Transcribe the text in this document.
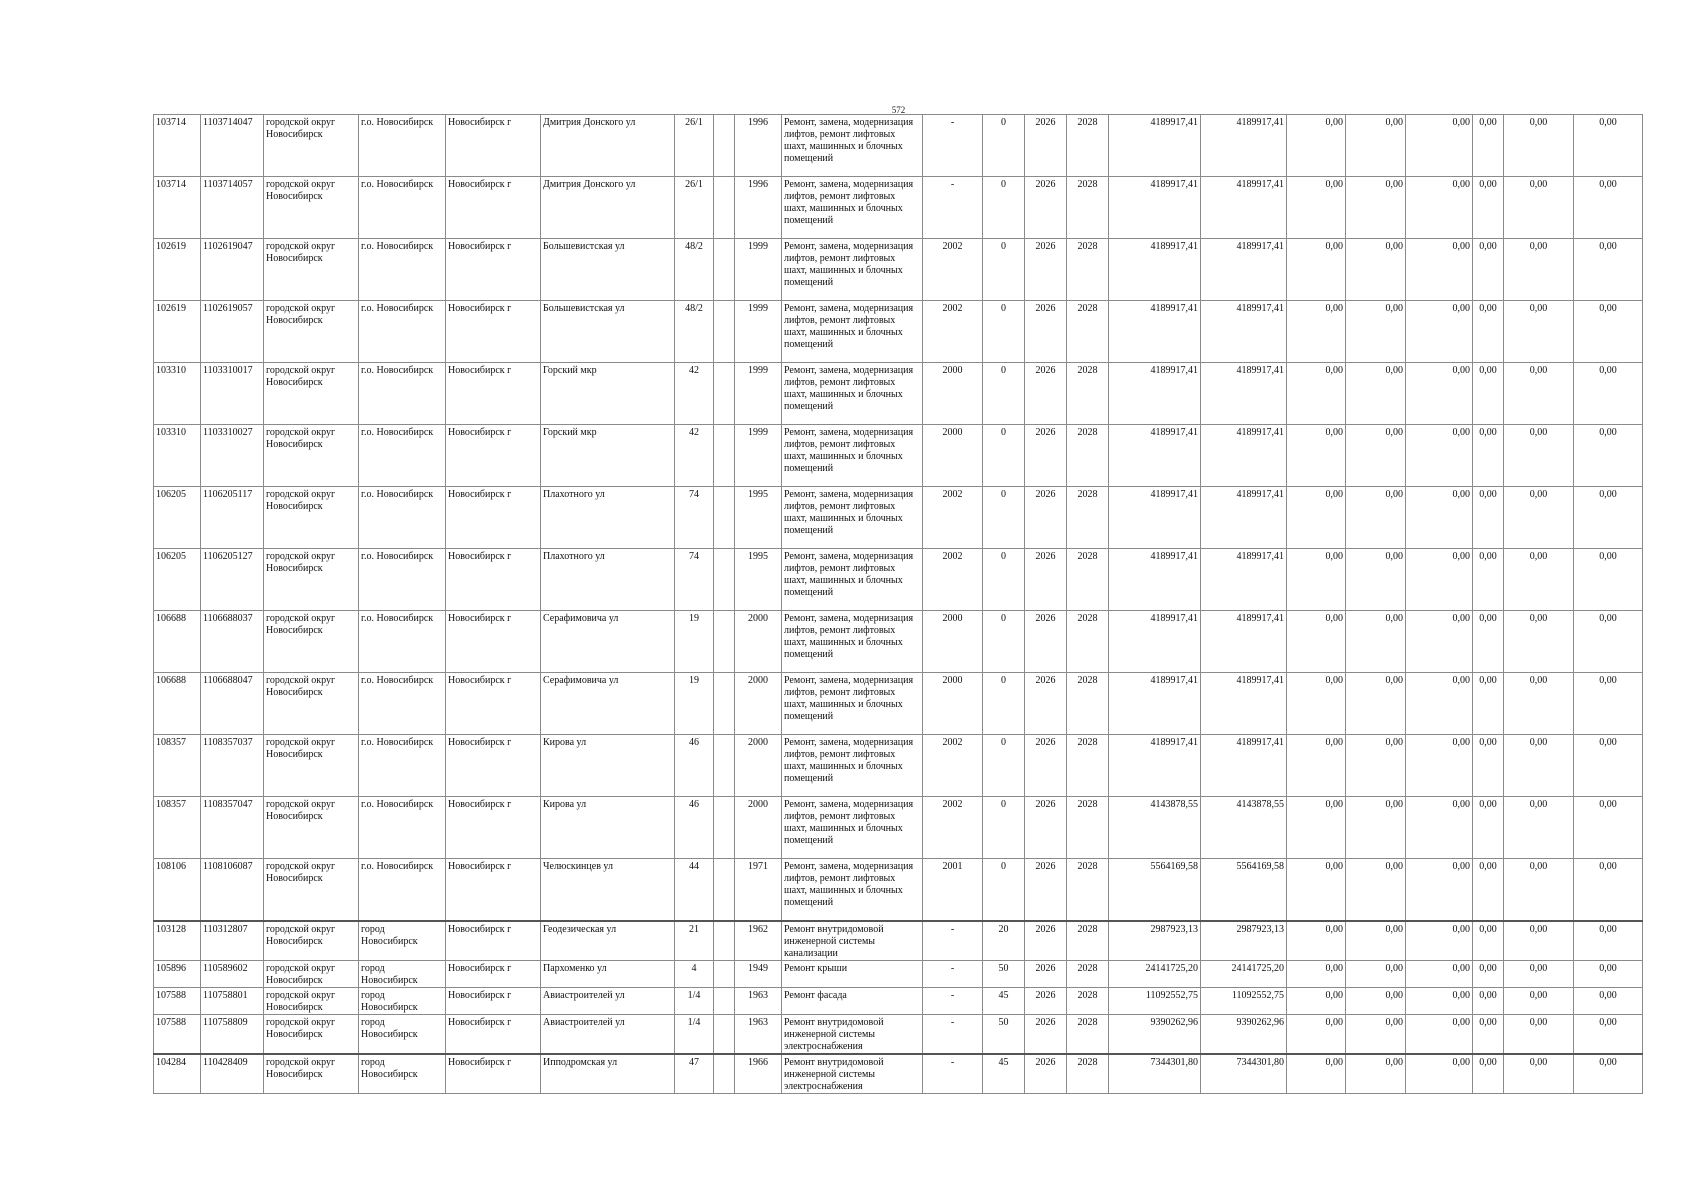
572
103714	1103714047	городской округ Новосибирск	г.о. Новосибирск	Новосибирск г	Дмитрия Донского ул	26/1		1996	Ремонт, замена, модернизация лифтов, ремонт лифтовых шахт, машинных и блочных помещений	-	0	2026	2028	4189917,41	4189917,41	0,00	0,00	0,00	0,00	0,00	0,00
103714	1103714057	городской округ Новосибирск	г.о. Новосибирск	Новосибирск г	Дмитрия Донского ул	26/1		1996	Ремонт, замена, модернизация лифтов, ремонт лифтовых шахт, машинных и блочных помещений	-	0	2026	2028	4189917,41	4189917,41	0,00	0,00	0,00	0,00	0,00	0,00
102619	1102619047	городской округ Новосибирск	г.о. Новосибирск	Новосибирск г	Большевистская ул	48/2		1999	Ремонт, замена, модернизация лифтов, ремонт лифтовых шахт, машинных и блочных помещений	2002	0	2026	2028	4189917,41	4189917,41	0,00	0,00	0,00	0,00	0,00	0,00
102619	1102619057	городской округ Новосибирск	г.о. Новосибирск	Новосибирск г	Большевистская ул	48/2		1999	Ремонт, замена, модернизация лифтов, ремонт лифтовых шахт, машинных и блочных помещений	2002	0	2026	2028	4189917,41	4189917,41	0,00	0,00	0,00	0,00	0,00	0,00
103310	1103310017	городской округ Новосибирск	г.о. Новосибирск	Новосибирск г	Горский мкр	42		1999	Ремонт, замена, модернизация лифтов, ремонт лифтовых шахт, машинных и блочных помещений	2000	0	2026	2028	4189917,41	4189917,41	0,00	0,00	0,00	0,00	0,00	0,00
103310	1103310027	городской округ Новосибирск	г.о. Новосибирск	Новосибирск г	Горский мкр	42		1999	Ремонт, замена, модернизация лифтов, ремонт лифтовых шахт, машинных и блочных помещений	2000	0	2026	2028	4189917,41	4189917,41	0,00	0,00	0,00	0,00	0,00	0,00
106205	1106205117	городской округ Новосибирск	г.о. Новосибирск	Новосибирск г	Плахотного ул	74		1995	Ремонт, замена, модернизация лифтов, ремонт лифтовых шахт, машинных и блочных помещений	2002	0	2026	2028	4189917,41	4189917,41	0,00	0,00	0,00	0,00	0,00	0,00
106205	1106205127	городской округ Новосибирск	г.о. Новосибирск	Новосибирск г	Плахотного ул	74		1995	Ремонт, замена, модернизация лифтов, ремонт лифтовых шахт, машинных и блочных помещений	2002	0	2026	2028	4189917,41	4189917,41	0,00	0,00	0,00	0,00	0,00	0,00
106688	1106688037	городской округ Новосибирск	г.о. Новосибирск	Новосибирск г	Серафимовича ул	19		2000	Ремонт, замена, модернизация лифтов, ремонт лифтовых шахт, машинных и блочных помещений	2000	0	2026	2028	4189917,41	4189917,41	0,00	0,00	0,00	0,00	0,00	0,00
106688	1106688047	городской округ Новосибирск	г.о. Новосибирск	Новосибирск г	Серафимовича ул	19		2000	Ремонт, замена, модернизация лифтов, ремонт лифтовых шахт, машинных и блочных помещений	2000	0	2026	2028	4189917,41	4189917,41	0,00	0,00	0,00	0,00	0,00	0,00
108357	1108357037	городской округ Новосибирск	г.о. Новосибирск	Новосибирск г	Кирова ул	46		2000	Ремонт, замена, модернизация лифтов, ремонт лифтовых шахт, машинных и блочных помещений	2002	0	2026	2028	4189917,41	4189917,41	0,00	0,00	0,00	0,00	0,00	0,00
108357	1108357047	городской округ Новосибирск	г.о. Новосибирск	Новосибирск г	Кирова ул	46		2000	Ремонт, замена, модернизация лифтов, ремонт лифтовых шахт, машинных и блочных помещений	2002	0	2026	2028	4143878,55	4143878,55	0,00	0,00	0,00	0,00	0,00	0,00
108106	1108106087	городской округ Новосибирск	г.о. Новосибирск	Новосибирск г	Челюскинцев ул	44		1971	Ремонт, замена, модернизация лифтов, ремонт лифтовых шахт, машинных и блочных помещений	2001	0	2026	2028	5564169,58	5564169,58	0,00	0,00	0,00	0,00	0,00	0,00
103128	110312807	городской округ Новосибирск	город Новосибирск	Новосибирск г	Геодезическая ул	21		1962	Ремонт внутридомовой инженерной системы канализации	-	20	2026	2028	2987923,13	2987923,13	0,00	0,00	0,00	0,00	0,00	0,00
105896	110589602	городской округ Новосибирск	город Новосибирск	Новосибирск г	Пархоменко ул	4		1949	Ремонт крыши	-	50	2026	2028	24141725,20	24141725,20	0,00	0,00	0,00	0,00	0,00	0,00
107588	110758801	городской округ Новосибирск	город Новосибирск	Новосибирск г	Авиастроителей ул	1/4		1963	Ремонт фасада	-	45	2026	2028	11092552,75	11092552,75	0,00	0,00	0,00	0,00	0,00	0,00
107588	110758809	городской округ Новосибирск	город Новосибирск	Новосибирск г	Авиастроителей ул	1/4		1963	Ремонт внутридомовой инженерной системы электроснабжения	-	50	2026	2028	9390262,96	9390262,96	0,00	0,00	0,00	0,00	0,00	0,00
104284	110428409	городской округ Новосибирск	город Новосибирск	Новосибирск г	Ипподромская ул	47		1966	Ремонт внутридомовой инженерной системы электроснабжения	-	45	2026	2028	7344301,80	7344301,80	0,00	0,00	0,00	0,00	0,00	0,00
